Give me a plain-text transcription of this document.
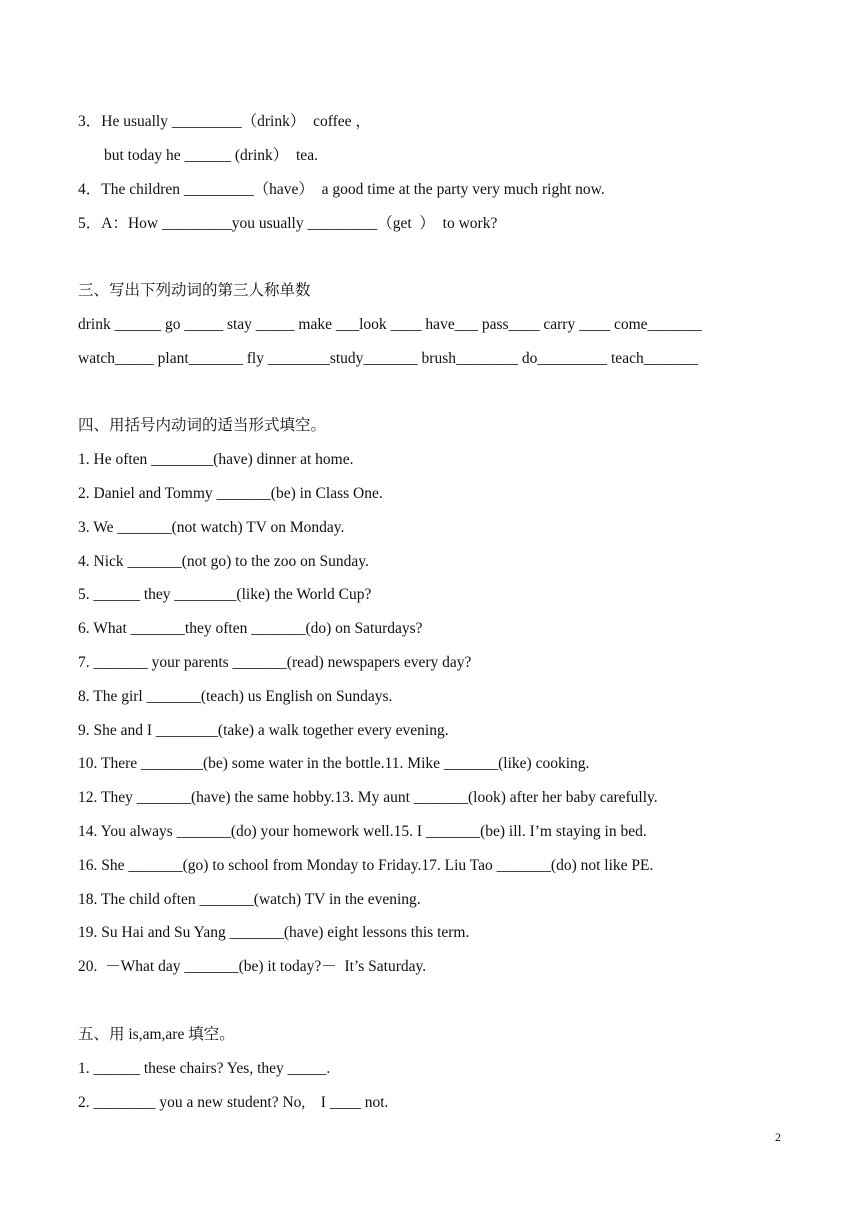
3．He usually _________（drink）  coffee ，
but today he ______ (drink）  tea.
4．The children _________（have）  a good time at the party very much right now.
5．A：How _________you usually _________（get  ）  to work?
三、写出下列动词的第三人称单数
drink ______ go _____ stay _____ make ___look ____ have___ pass____ carry ____ come_______
watch_____ plant_______ fly ________study_______ brush________ do_________ teach_______
四、用括号内动词的适当形式填空。
1. He often ________(have) dinner at home.
2. Daniel and Tommy _______(be) in Class One.
3. We _______(not watch) TV on Monday.
4. Nick _______(not go) to the zoo on Sunday.
5. ______ they ________(like) the World Cup?
6. What _______they often _______(do) on Saturdays?
7. _______ your parents _______(read) newspapers every day?
8. The girl _______(teach) us English on Sundays.
9. She and I ________(take) a walk together every evening.
10. There ________(be) some water in the bottle.11. Mike _______(like) cooking.
12. They _______(have) the same hobby.13. My aunt _______(look) after her baby carefully.
14. You always _______(do) your homework well.15. I _______(be) ill. I’m staying in bed.
16. She _______(go) to school from Monday to Friday.17. Liu Tao _______(do) not like PE.
18. The child often _______(watch) TV in the evening.
19. Su Hai and Su Yang _______(have) eight lessons this term.
20.  －What day _______(be) it today?－  It’s Saturday.
五、用 is,am,are 填空。
1. ______ these chairs? Yes, they _____.
2. ________ you a new student? No,    I ____ not.
2
